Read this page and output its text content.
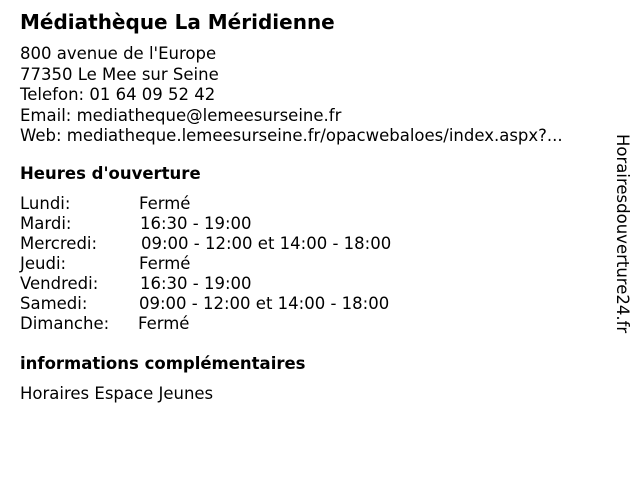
Médiathèque La Méridienne
800 avenue de l'Europe
77350 Le Mee sur Seine
Telefon: 01 64 09 52 42
Email: mediatheque@lemeesurseine.fr
Web: mediatheque.lemeesurseine.fr/opacwebaloes/index.aspx?...
Heures d'ouverture
Lundi:	Fermé
Mardi:	16:30 - 19:00
Mercredi:	09:00 - 12:00 et 14:00 - 18:00
Jeudi:	Fermé
Vendredi:	16:30 - 19:00
Samedi:	09:00 - 12:00 et 14:00 - 18:00
Dimanche: Fermé
informations complémentaires
Horaires Espace Jeunes
Horairesdouverture24.fr
